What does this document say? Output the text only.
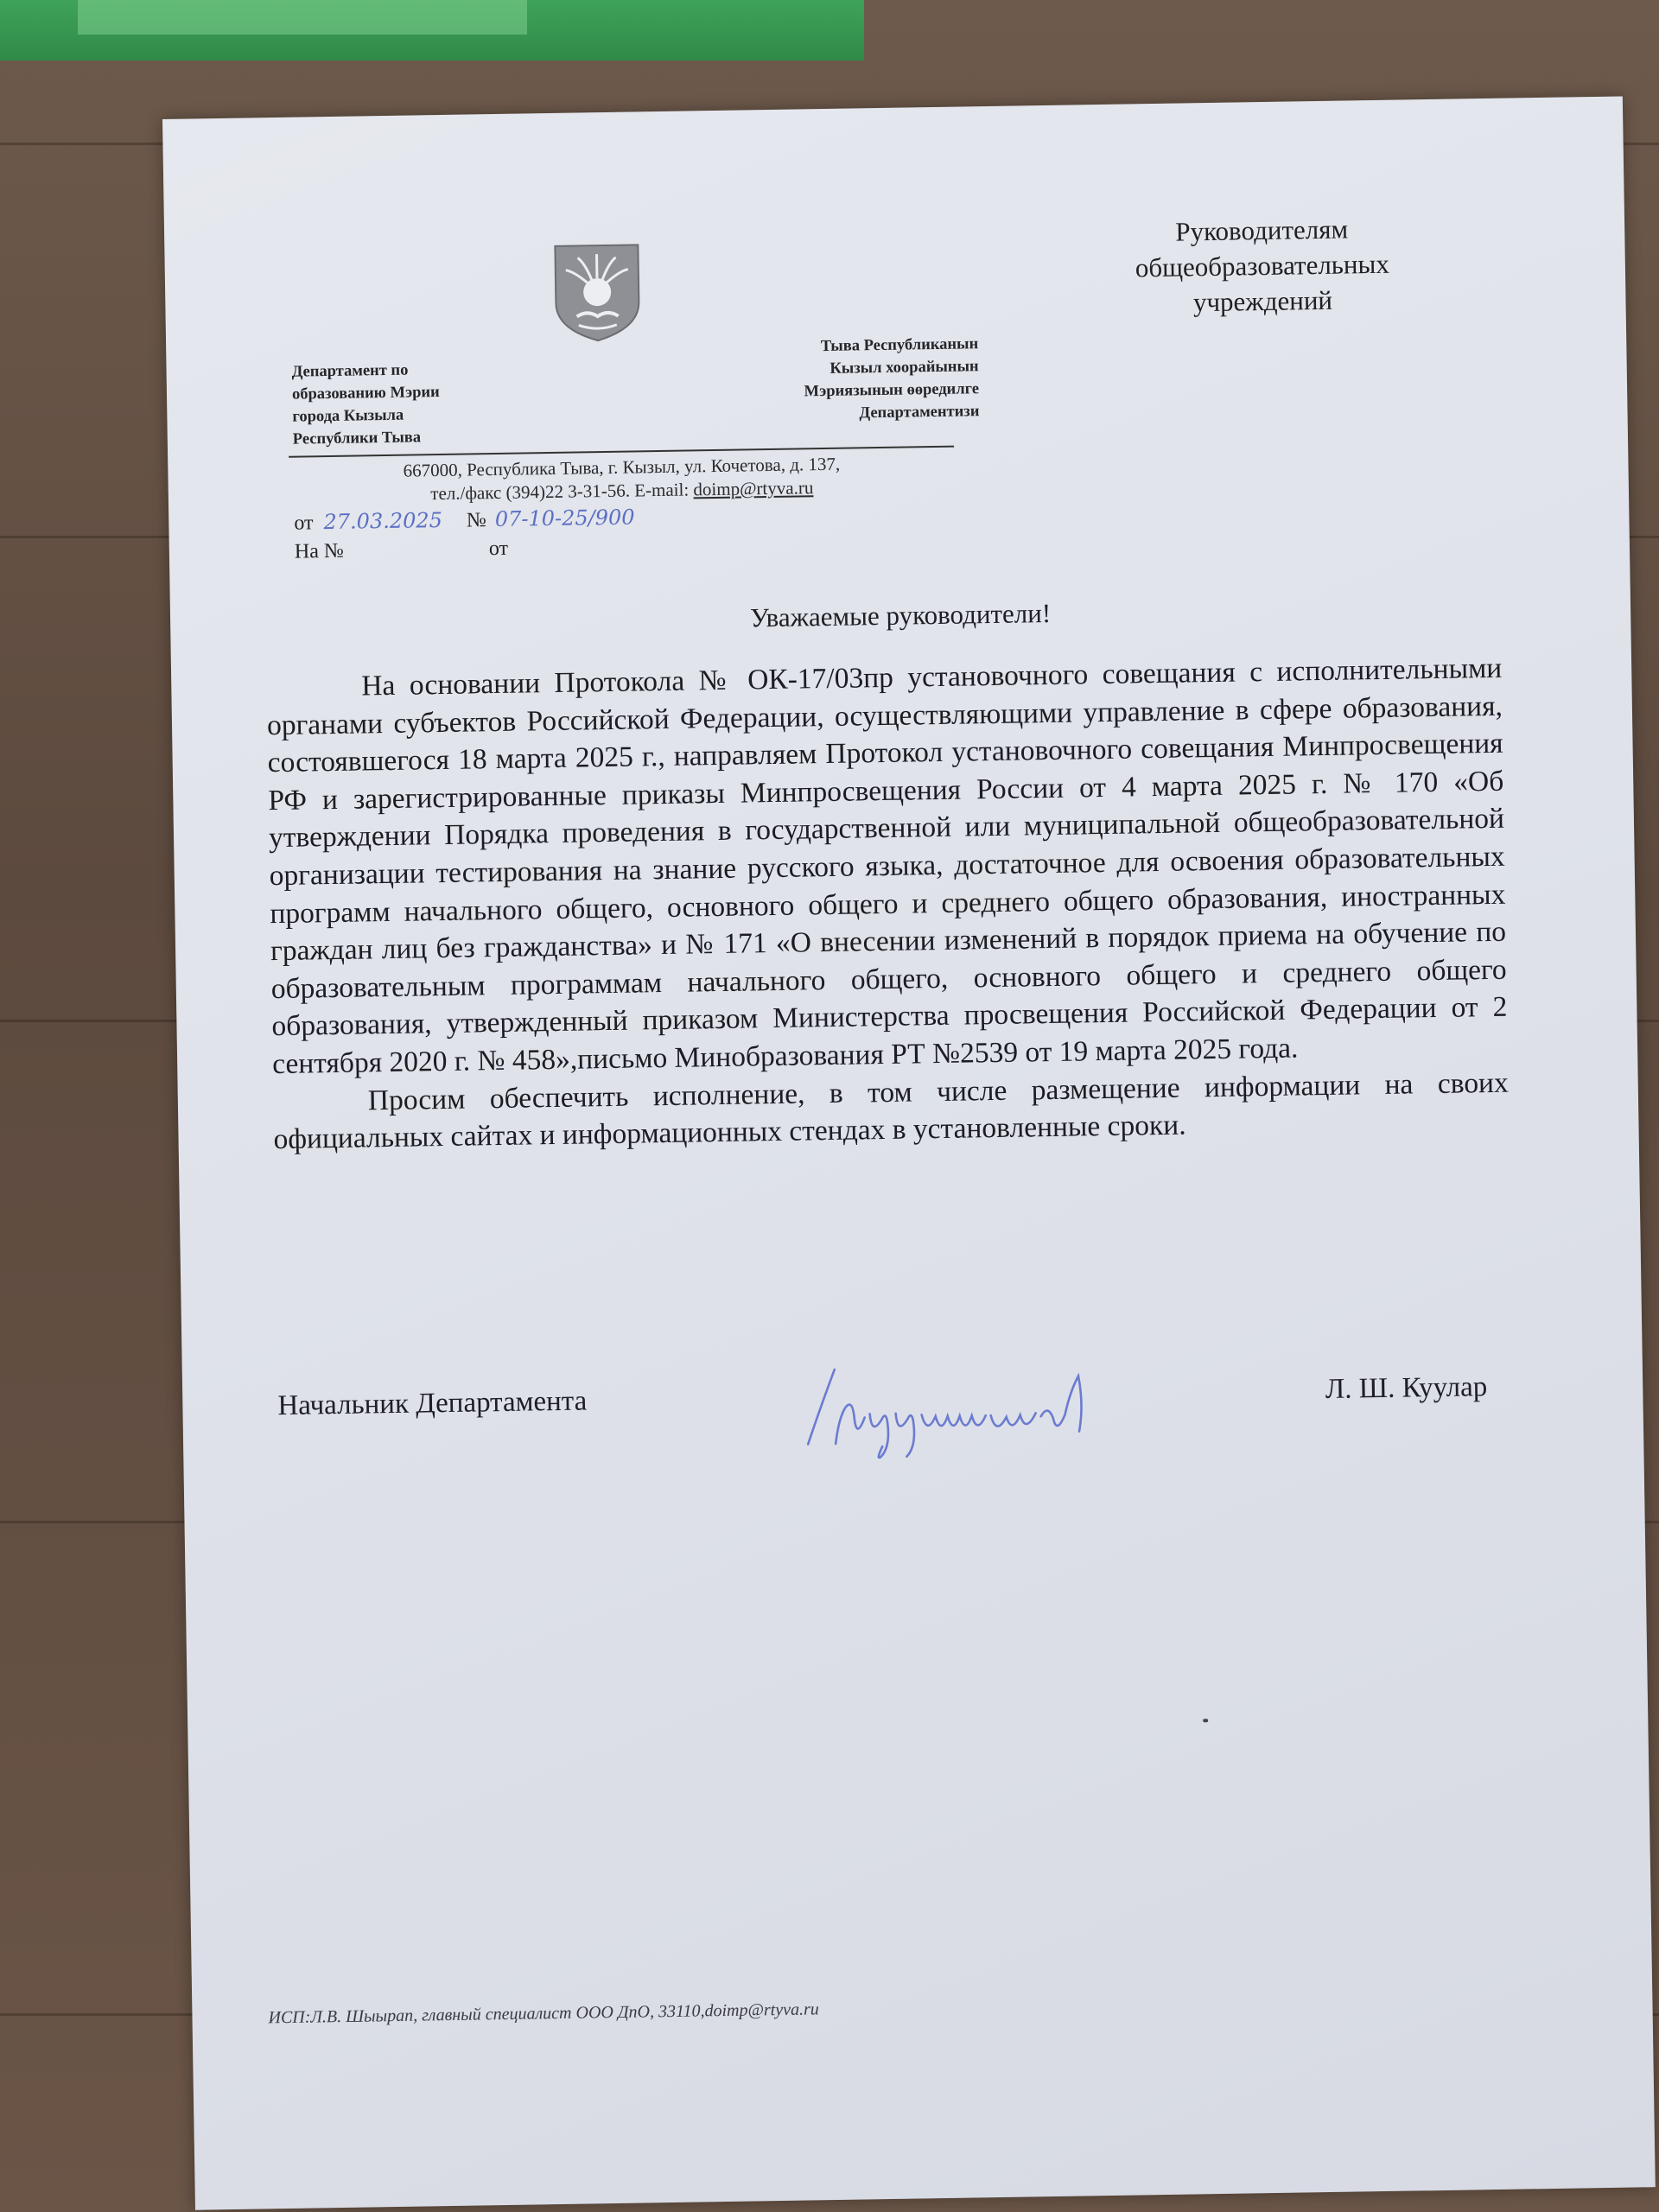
Руководителям
общеобразовательных
учреждений
Департамент по
образованию Мэрии
города Кызыла
Республики Тыва
Тыва Республиканын
Кызыл хоорайынын
Мэриязынын өөредилге
Департаментизи
667000, Республика Тыва, г. Кызыл, ул. Кочетова, д. 137,
тел./факс (394)22 3-31-56. E-mail: doimp@rtyva.ru
от 27.03.2025 № 07-10-25/900
На №	от
Уважаемые руководители!

На основании Протокола № ОК-17/03пр установочного совещания с исполнительными органами субъектов Российской Федерации, осуществляющими управление в сфере образования, состоявшегося 18 марта 2025 г., направляем Протокол установочного совещания Минпросвещения РФ и зарегистрированные приказы Минпросвещения России от 4 марта 2025 г. № 170 «Об утверждении Порядка проведения в государственной или муниципальной общеобразовательной организации тестирования на знание русского языка, достаточное для освоения образовательных программ начального общего, основного общего и среднего общего образования, иностранных граждан лиц без гражданства» и № 171 «О внесении изменений в порядок приема на обучение по образовательным программам начального общего, основного общего и среднего общего образования, утвержденный приказом Министерства просвещения Российской Федерации от 2 сентября 2020 г. № 458»,письмо Минобразования РТ №2539 от 19 марта 2025 года.

Просим обеспечить исполнение, в том числе размещение информации на своих официальных сайтах и информационных стендах в установленные сроки.

Начальник Департамента	Л. Ш. Куулар
ИСП:Л.В. Шыырап, главный специалист ООО ДпО, 33110,doimp@rtyva.ru
